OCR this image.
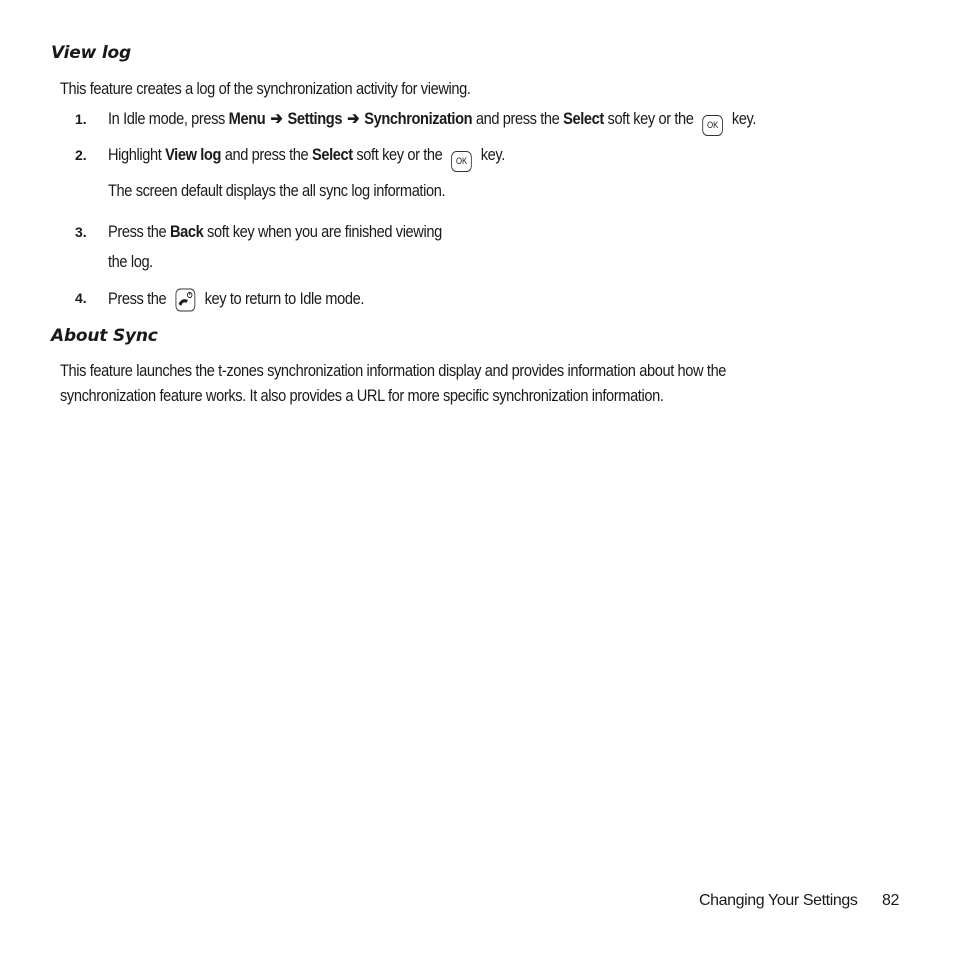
View log
This feature creates a log of the synchronization activity for viewing.
1. In Idle mode, press Menu ➔ Settings ➔ Synchronization and press the Select soft key or the OK key.
2. Highlight View log and press the Select soft key or the OK key.
The screen default displays the all sync log information.
3. Press the Back soft key when you are finished viewing
the log.
4. Press the  key to return to Idle mode.
About Sync
This feature launches the t-zones synchronization information display and provides information about how the
synchronization feature works. It also provides a URL for more specific synchronization information.
Changing Your Settings 82
